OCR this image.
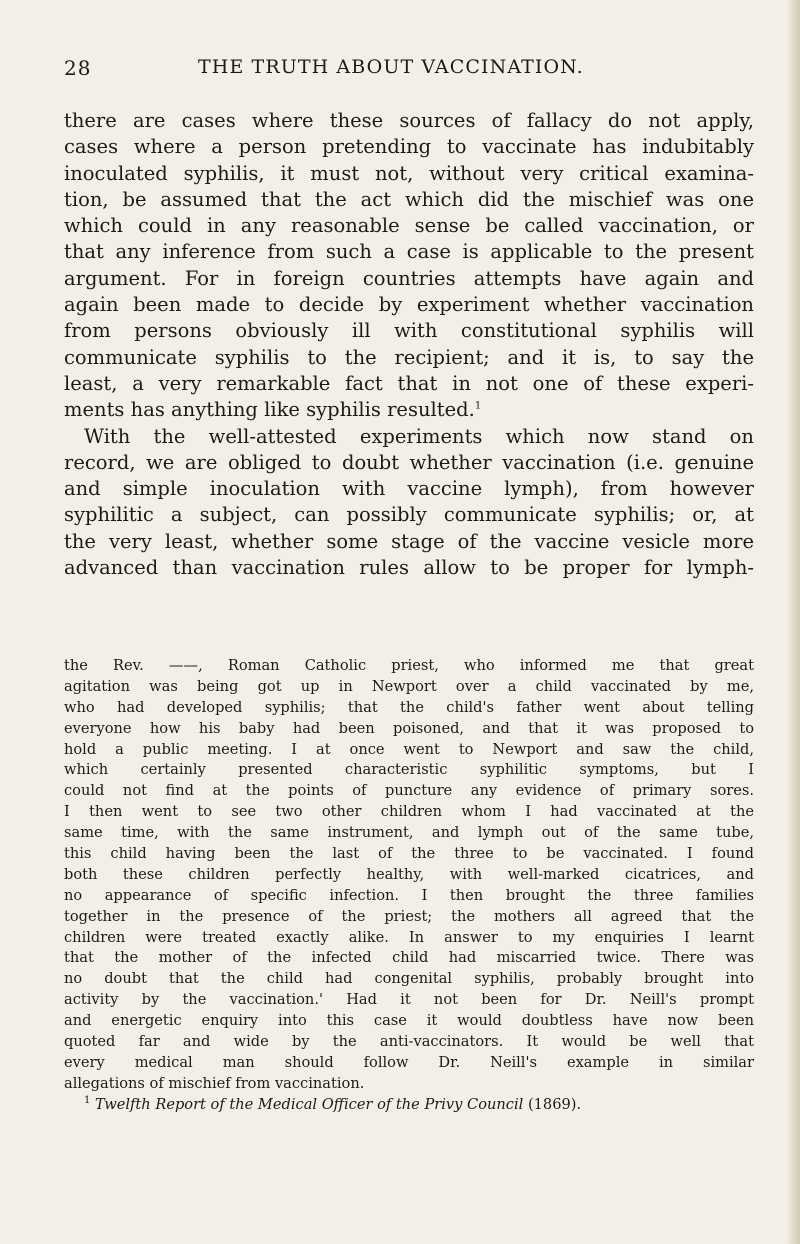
28	THE TRUTH ABOUT VACCINATION.
there are cases where these sources of fallacy do not apply,
cases where a person pretending to vaccinate has indubitably
inoculated syphilis, it must not, without very critical examina-
tion, be assumed that the act which did the mischief was one
which could in any reasonable sense be called vaccination, or
that any inference from such a case is applicable to the present
argument. For in foreign countries attempts have again and
again been made to decide by experiment whether vaccination
from persons obviously ill with constitutional syphilis will
communicate syphilis to the recipient; and it is, to say the
least, a very remarkable fact that in not one of these experi-
ments has anything like syphilis resulted.$^1$
With the well-attested experiments which now stand on
record, we are obliged to doubt whether vaccination (i.e. genuine
and simple inoculation with vaccine lymph), from however
syphilitic a subject, can possibly communicate syphilis; or, at
the very least, whether some stage of the vaccine vesicle more
advanced than vaccination rules allow to be proper for lymph-
the Rev. ——, Roman Catholic priest, who informed me that great
agitation was being got up in Newport over a child vaccinated by me,
who had developed syphilis; that the child's father went about telling
everyone how his baby had been poisoned, and that it was proposed to
hold a public meeting. I at once went to Newport and saw the child,
which certainly presented characteristic syphilitic symptoms, but I
could not find at the points of puncture any evidence of primary sores.
I then went to see two other children whom I had vaccinated at the
same time, with the same instrument, and lymph out of the same tube,
this child having been the last of the three to be vaccinated. I found
both these children perfectly healthy, with well-marked cicatrices, and
no appearance of specific infection. I then brought the three families
together in the presence of the priest; the mothers all agreed that the
children were treated exactly alike. In answer to my enquiries I learnt
that the mother of the infected child had miscarried twice. There was
no doubt that the child had congenital syphilis, probably brought into
activity by the vaccination.' Had it not been for Dr. Neill's prompt
and energetic enquiry into this case it would doubtless have now been
quoted far and wide by the anti-vaccinators. It would be well that
every medical man should follow Dr. Neill's example in similar
allegations of mischief from vaccination.
$^1$ Twelfth Report of the Medical Officer of the Privy Council (1869).
